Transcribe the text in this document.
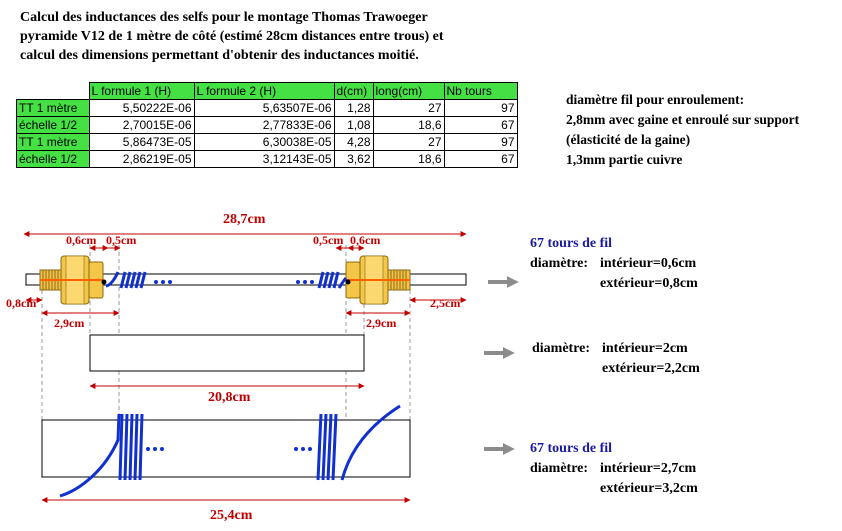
Calcul des inductances des selfs pour le montage Thomas Trawoeger
pyramide V12 de 1 mètre de côté (estimé 28cm distances entre trous) et
calcul des dimensions permettant d'obtenir des inductances moitié.
	L formule 1 (H)	L formule 2 (H)	d(cm)	long(cm)	Nb tours
TT 1 mètre	5,50222E-06	5,63507E-06	1,28	27	97
échelle 1/2	2,70015E-06	2,77833E-06	1,08	18,6	67
TT 1 mètre	5,86473E-05	6,30038E-05	4,28	27	97
échelle 1/2	2,86219E-05	3,12143E-05	3,62	18,6	67
diamètre fil pour enroulement:
2,8mm avec gaine et enroulé sur support
(élasticité de la gaine)
1,3mm partie cuivre
28,7cm
0,6cm 0,5cm	0,5cm 0,6cm
0,8cm	2,5cm
2,9cm	2,9cm
20,8cm
25,4cm
67 tours de fil
diamètre: intérieur=0,6cm
extérieur=0,8cm
diamètre: intérieur=2cm
extérieur=2,2cm
67 tours de fil
diamètre: intérieur=2,7cm
extérieur=3,2cm
